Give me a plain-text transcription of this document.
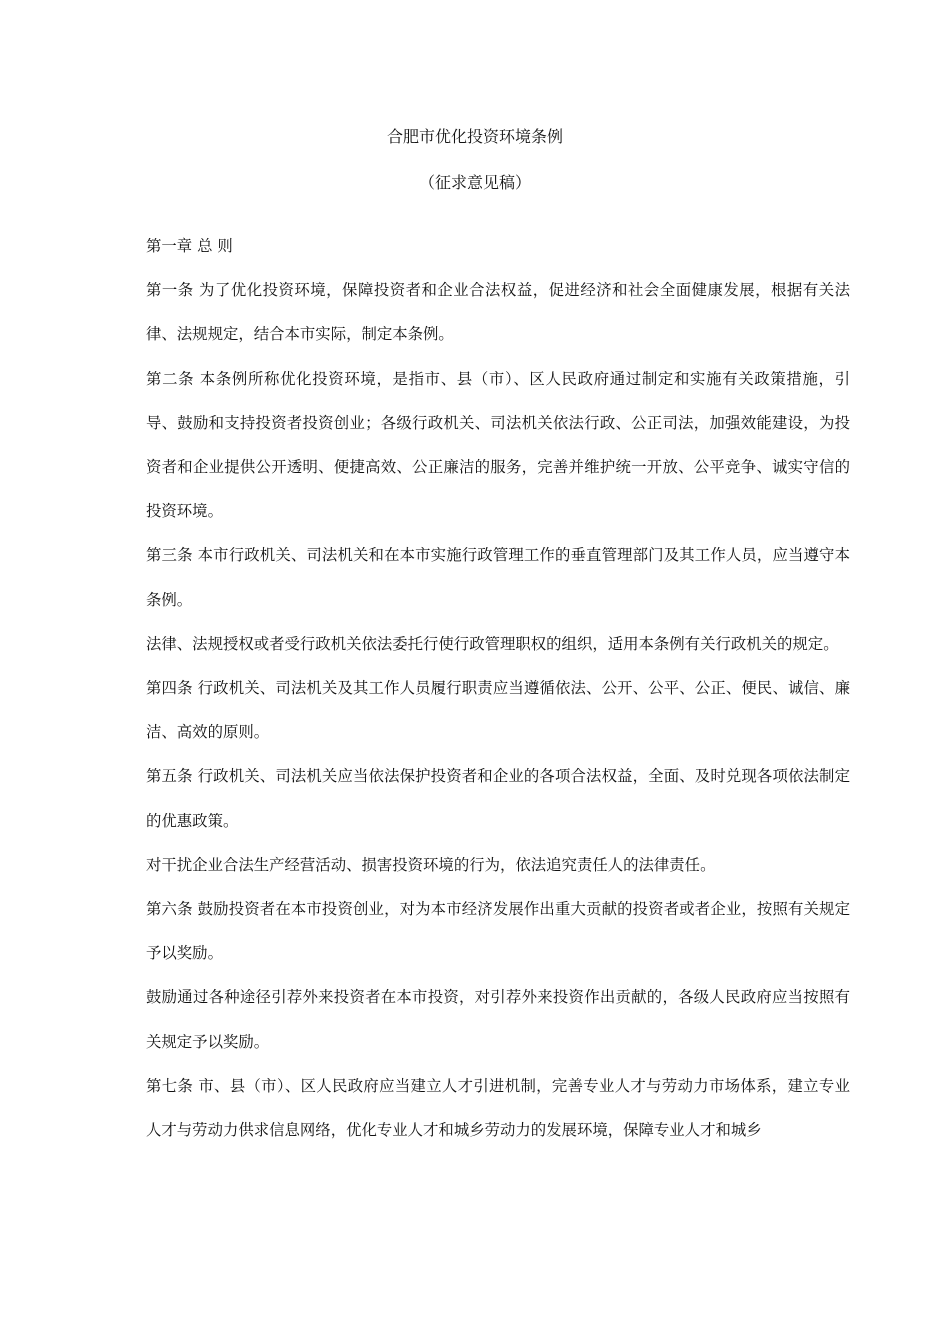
合肥市优化投资环境条例
（征求意见稿）

第一章 总 则

第一条 为了优化投资环境，保障投资者和企业合法权益，促进经济和社会全面健康发展，根据有关法律、法规规定，结合本市实际，制定本条例。

第二条 本条例所称优化投资环境，是指市、县（市）、区人民政府通过制定和实施有关政策措施，引导、鼓励和支持投资者投资创业；各级行政机关、司法机关依法行政、公正司法，加强效能建设，为投资者和企业提供公开透明、便捷高效、公正廉洁的服务，完善并维护统一开放、公平竞争、诚实守信的投资环境。

第三条 本市行政机关、司法机关和在本市实施行政管理工作的垂直管理部门及其工作人员，应当遵守本条例。

法律、法规授权或者受行政机关依法委托行使行政管理职权的组织，适用本条例有关行政机关的规定。

第四条 行政机关、司法机关及其工作人员履行职责应当遵循依法、公开、公平、公正、便民、诚信、廉洁、高效的原则。

第五条 行政机关、司法机关应当依法保护投资者和企业的各项合法权益，全面、及时兑现各项依法制定的优惠政策。

对干扰企业合法生产经营活动、损害投资环境的行为，依法追究责任人的法律责任。

第六条 鼓励投资者在本市投资创业，对为本市经济发展作出重大贡献的投资者或者企业，按照有关规定予以奖励。

鼓励通过各种途径引荐外来投资者在本市投资，对引荐外来投资作出贡献的，各级人民政府应当按照有关规定予以奖励。

第七条 市、县（市）、区人民政府应当建立人才引进机制，完善专业人才与劳动力市场体系，建立专业人才与劳动力供求信息网络，优化专业人才和城乡劳动力的发展环境，保障专业人才和城乡
